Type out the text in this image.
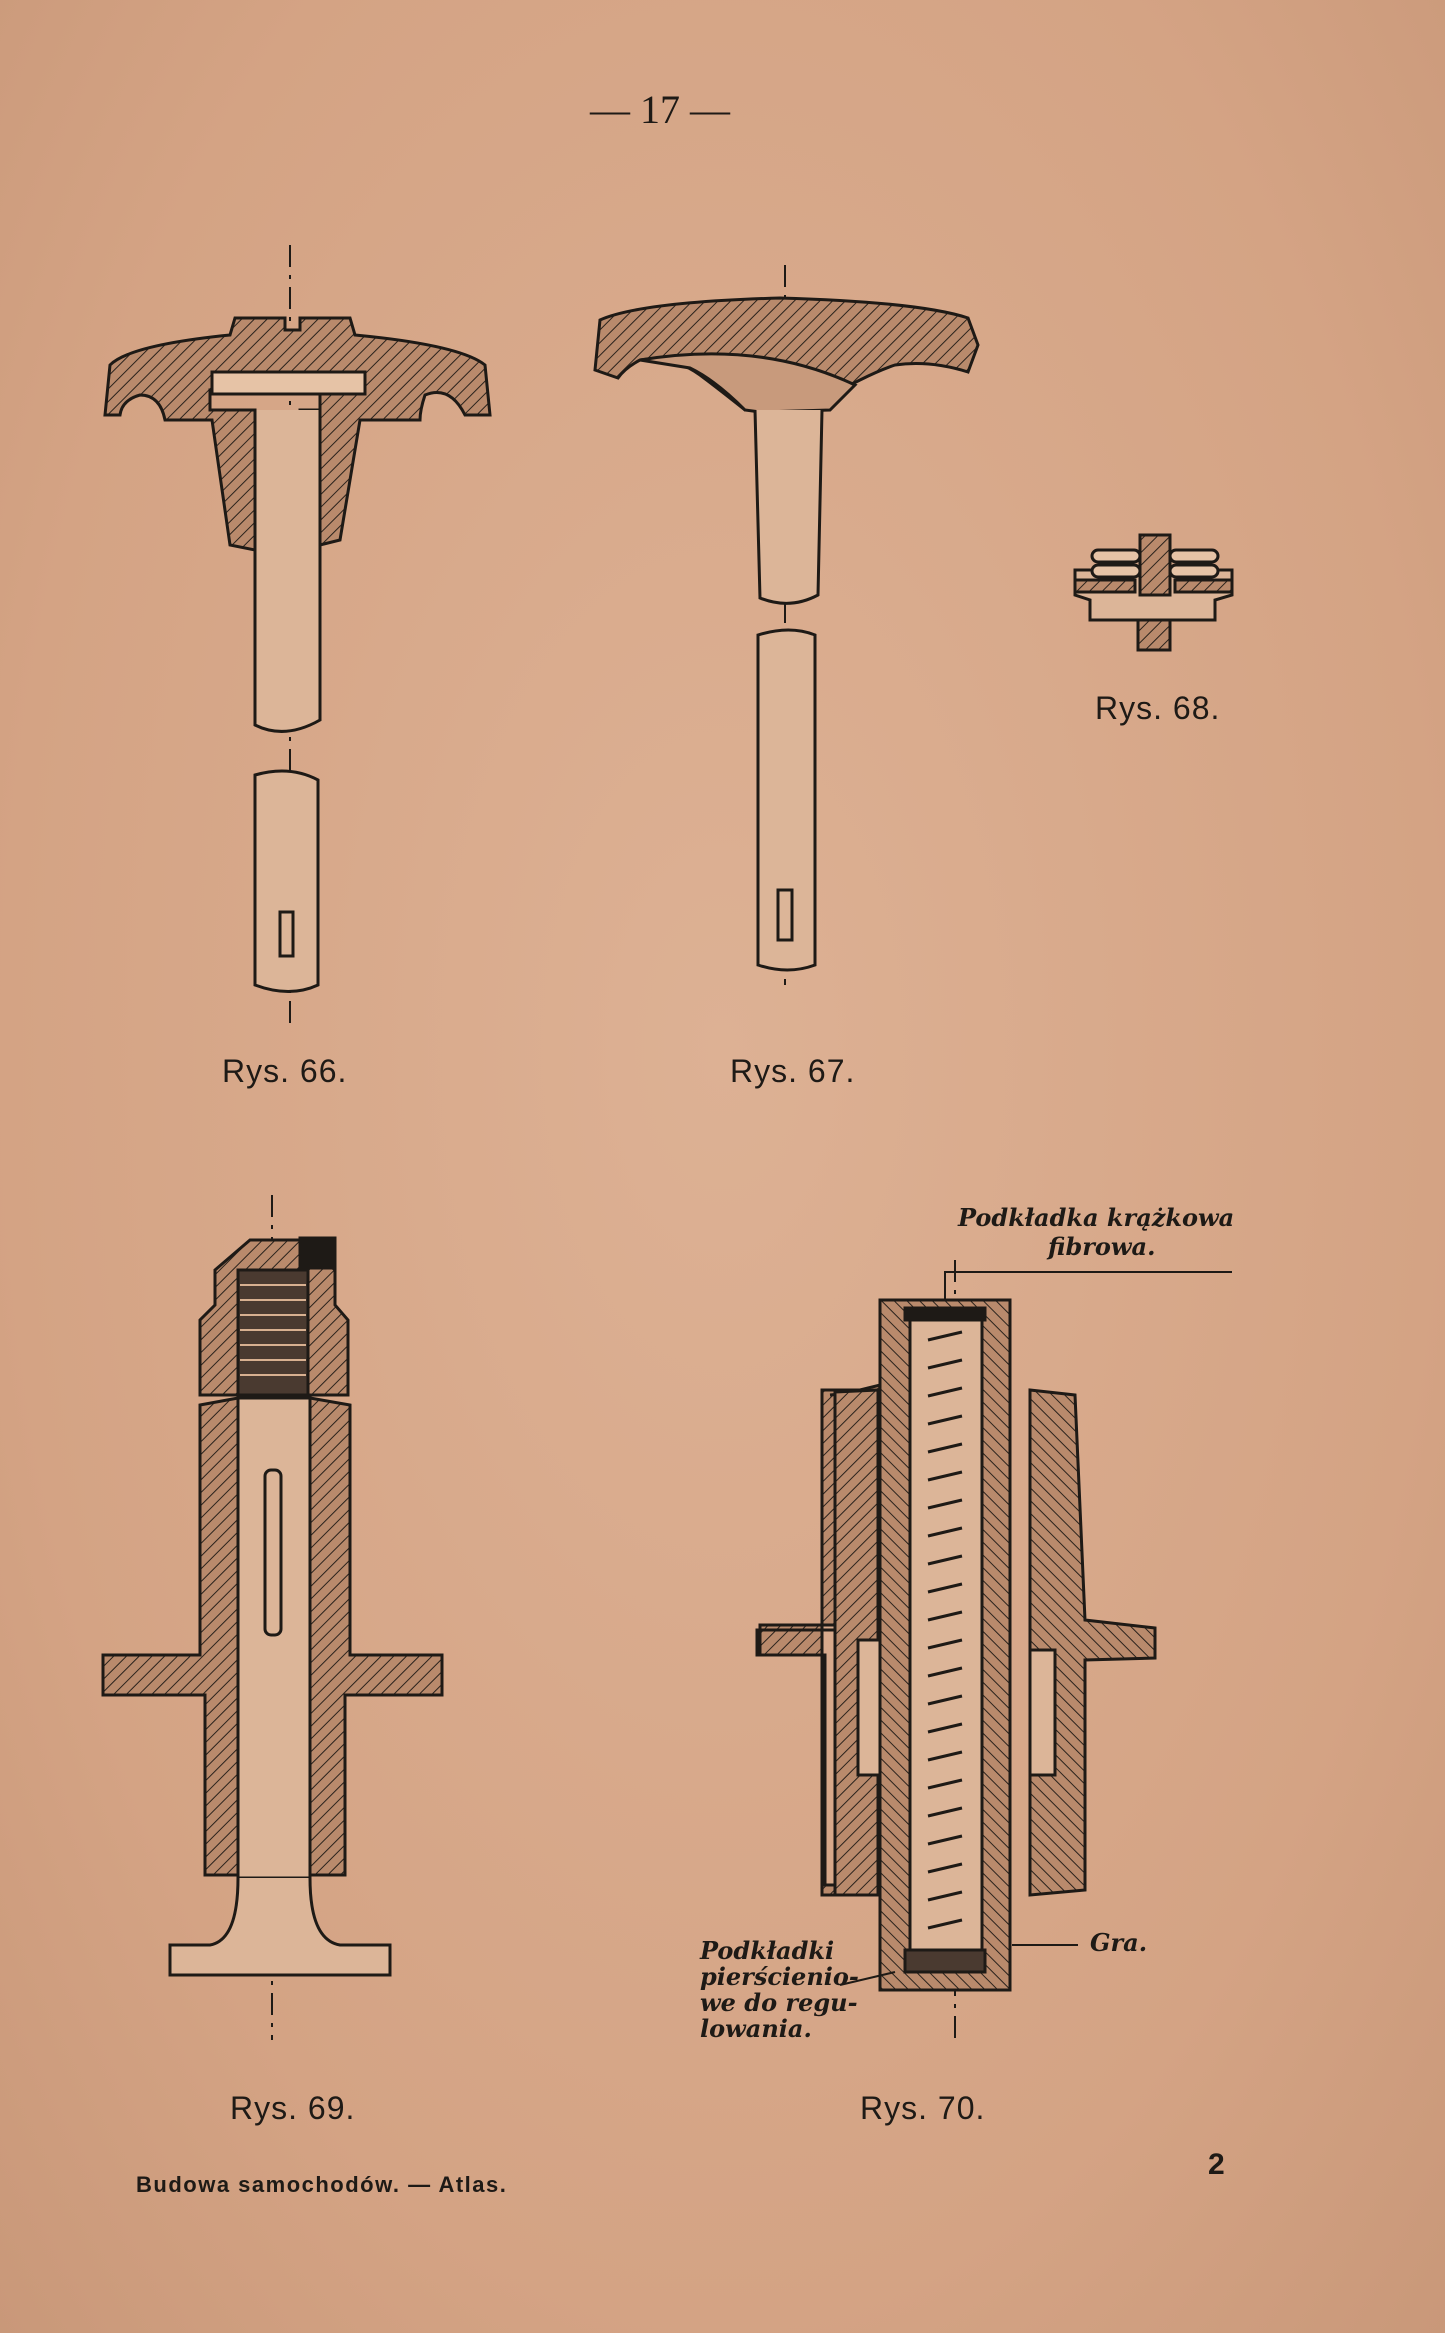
— 17 —
Rys. 66.	Rys. 67.
Rys. 68.
Rys. 69.	Rys. 70.
Podkładka krążkowa
fibrowa.
Podkładki
pierścienio-
we do regu-
lowania.
Gra.
Budowa samochodów. — Atlas.
2
